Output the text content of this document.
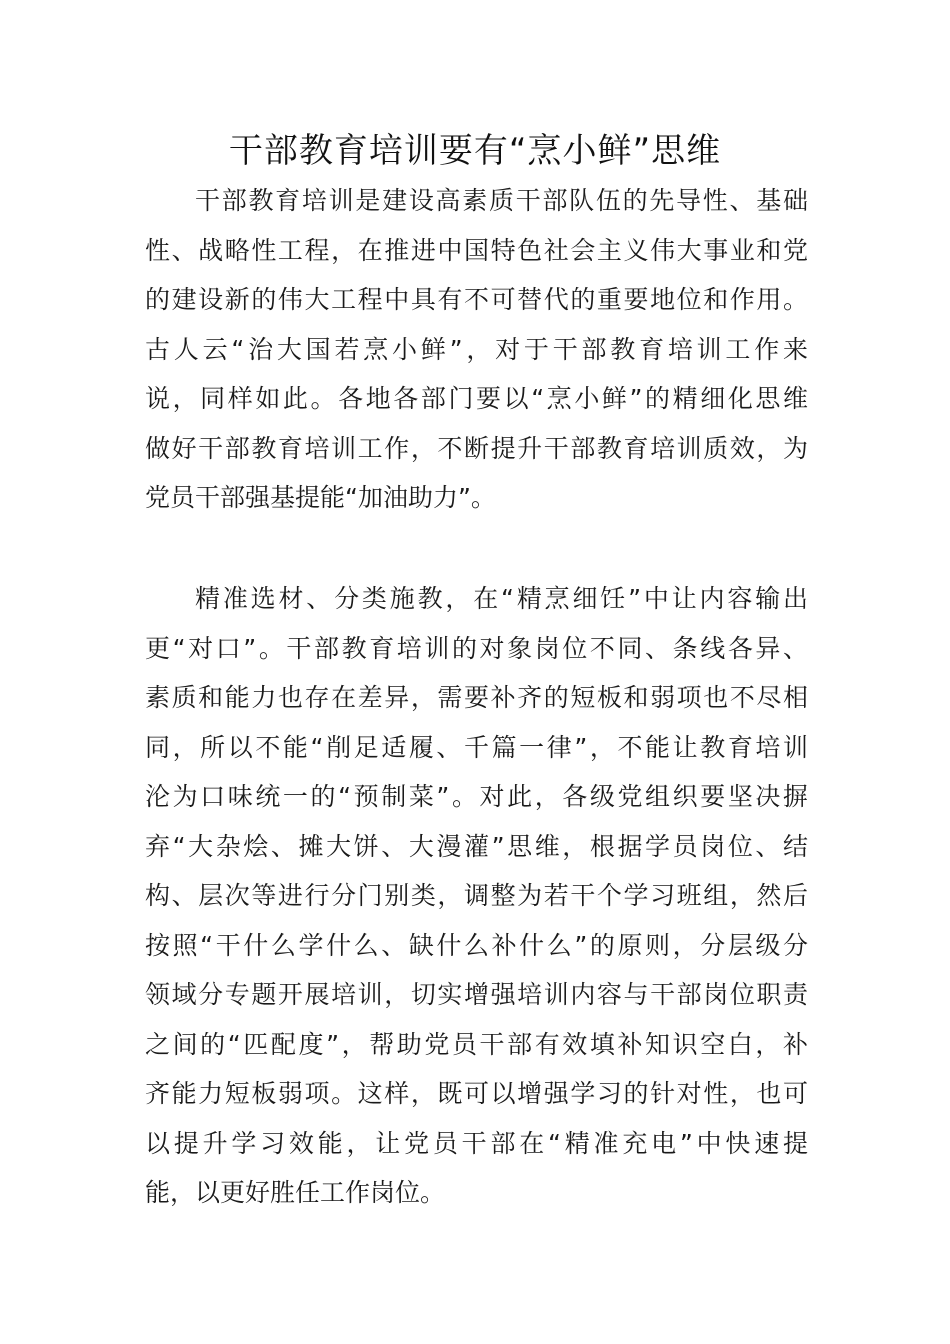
干部教育培训要有“烹小鲜”思维
干部教育培训是建设高素质干部队伍的先导性、基础
性、战略性工程，在推进中国特色社会主义伟大事业和党
的建设新的伟大工程中具有不可替代的重要地位和作用。
古人云“治大国若烹小鲜”，对于干部教育培训工作来
说，同样如此。各地各部门要以“烹小鲜”的精细化思维
做好干部教育培训工作，不断提升干部教育培训质效，为
党员干部强基提能“加油助力”。
精准选材、分类施教，在“精烹细饪”中让内容输出
更“对口”。干部教育培训的对象岗位不同、条线各异、
素质和能力也存在差异，需要补齐的短板和弱项也不尽相
同，所以不能“削足适履、千篇一律”，不能让教育培训
沦为口味统一的“预制菜”。对此，各级党组织要坚决摒
弃“大杂烩、摊大饼、大漫灌”思维，根据学员岗位、结
构、层次等进行分门别类，调整为若干个学习班组，然后
按照“干什么学什么、缺什么补什么”的原则，分层级分
领域分专题开展培训，切实增强培训内容与干部岗位职责
之间的“匹配度”，帮助党员干部有效填补知识空白，补
齐能力短板弱项。这样，既可以增强学习的针对性，也可
以提升学习效能，让党员干部在“精准充电”中快速提
能，以更好胜任工作岗位。
